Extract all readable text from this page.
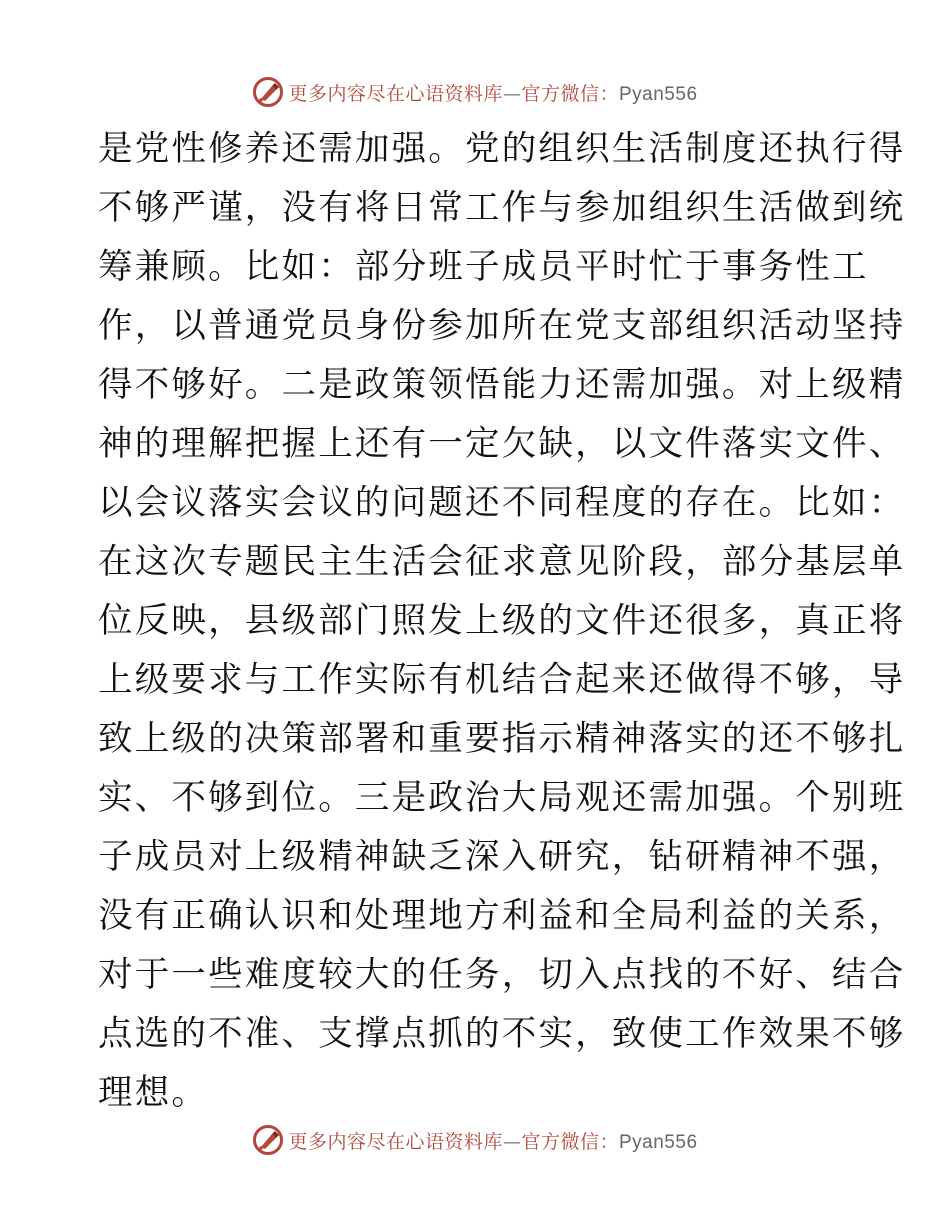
更多内容尽在心语资料库—官方微信：Pyan556
是党性修养还需加强。党的组织生活制度还执行得
不够严谨，没有将日常工作与参加组织生活做到统
筹兼顾。比如：部分班子成员平时忙于事务性工
作，以普通党员身份参加所在党支部组织活动坚持
得不够好。二是政策领悟能力还需加强。对上级精
神的理解把握上还有一定欠缺，以文件落实文件、
以会议落实会议的问题还不同程度的存在。比如：
在这次专题民主生活会征求意见阶段，部分基层单
位反映，县级部门照发上级的文件还很多，真正将
上级要求与工作实际有机结合起来还做得不够，导
致上级的决策部署和重要指示精神落实的还不够扎
实、不够到位。三是政治大局观还需加强。个别班
子成员对上级精神缺乏深入研究，钻研精神不强，
没有正确认识和处理地方利益和全局利益的关系，
对于一些难度较大的任务，切入点找的不好、结合
点选的不准、支撑点抓的不实，致使工作效果不够
理想。
更多内容尽在心语资料库—官方微信：Pyan556
